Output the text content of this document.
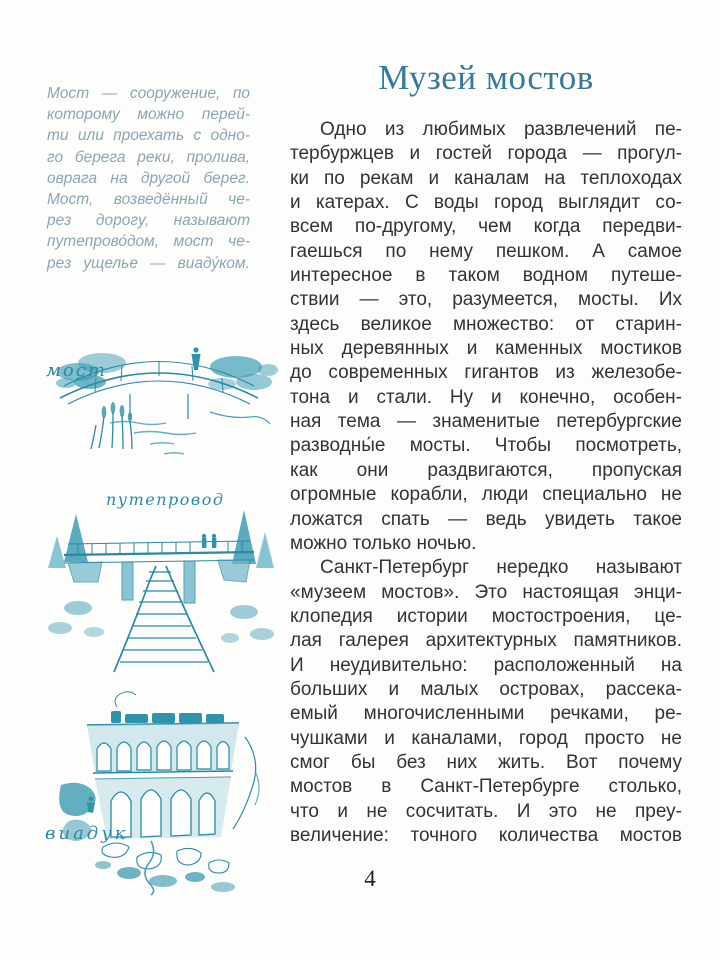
Музей мостов
Мост — сооружение, по
которому можно перей-
ти или проехать с одно-
го берега реки, пролива,
оврага на другой берег.
Мост, возведённый че-
рез дорогу, называют
путепрово́дом, мост че-
рез ущелье — виаду́ком.
мост
путепровод
виадук
Одно из любимых развлечений пе-
тербуржцев и гостей города — прогул-
ки по рекам и каналам на теплоходах
и катерах. С воды город выглядит со-
всем по-другому, чем когда передви-
гаешься по нему пешком. А самое
интересное в таком водном путеше-
ствии — это, разумеется, мосты. Их
здесь великое множество: от старин-
ных деревянных и каменных мостиков
до современных гигантов из железобе-
тона и стали. Ну и конечно, особен-
ная тема — знаменитые петербургские
разводны́е мосты. Чтобы посмотреть,
как они раздвигаются, пропуская
огромные корабли, люди специально не
ложатся спать — ведь увидеть такое
можно только ночью.
Санкт-Петербург нередко называют
«музеем мостов». Это настоящая энци-
клопедия истории мостостроения, це-
лая галерея архитектурных памятников.
И неудивительно: расположенный на
больших и малых островах, рассека-
емый многочисленными речками, ре-
чушками и каналами, город просто не
смог бы без них жить. Вот почему
мостов в Санкт-Петербурге столько,
что и не сосчитать. И это не преу-
величение: точного количества мостов
4
